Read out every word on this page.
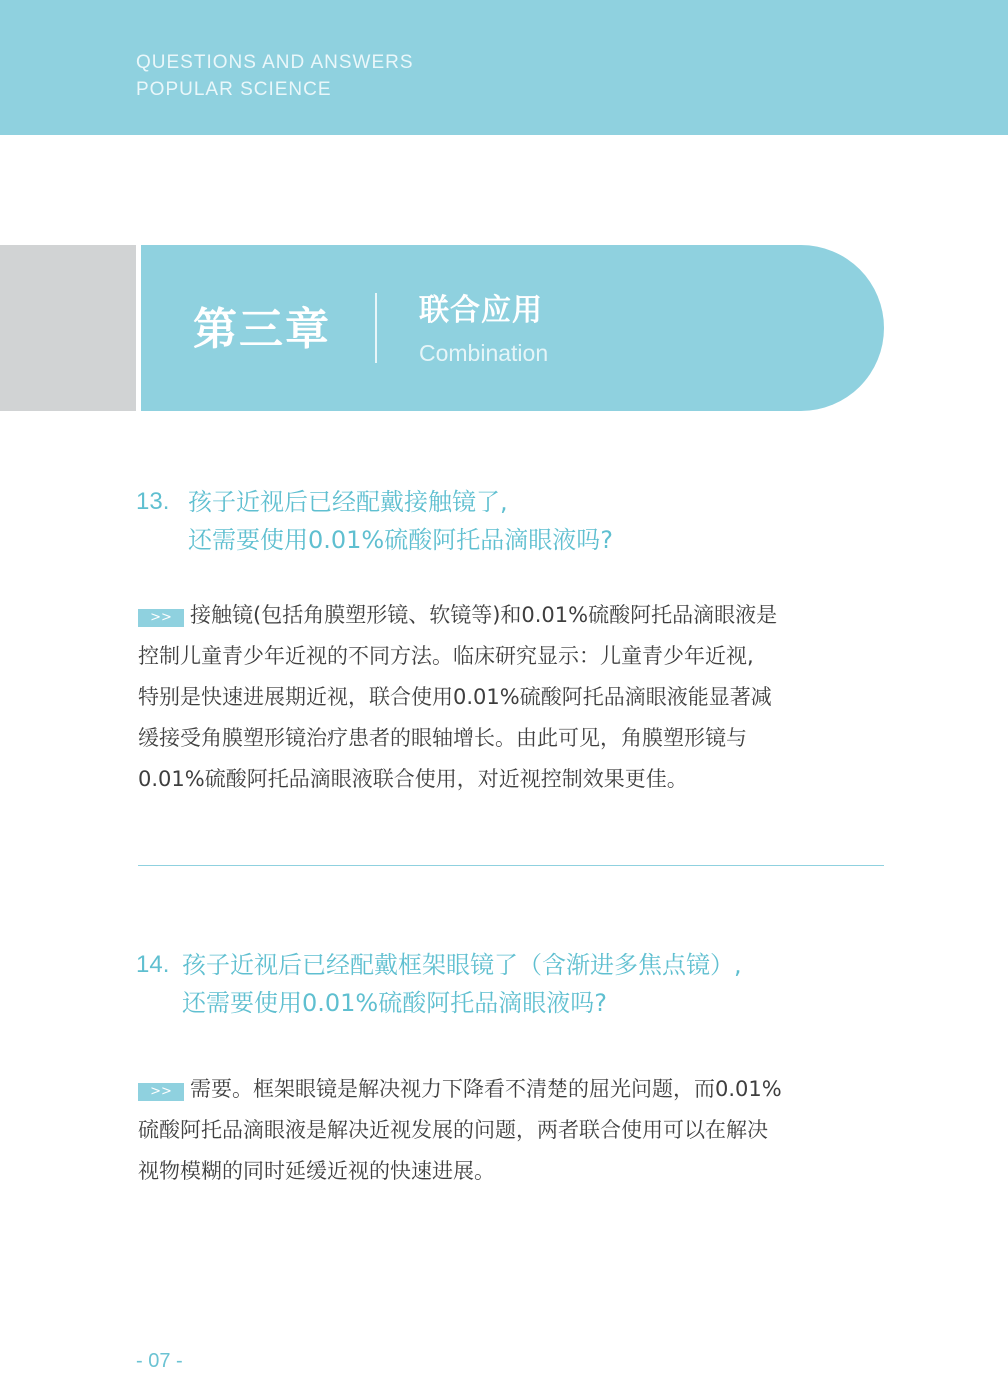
QUESTIONS AND ANSWERS
POPULAR SCIENCE
第三章	联合应用
Combination
13. 孩子近视后已经配戴接触镜了,
还需要使用0.01%硫酸阿托品滴眼液吗?
>> 接触镜(包括角膜塑形镜、软镜等)和0.01%硫酸阿托品滴眼液是
控制儿童青少年近视的不同方法。临床研究显示：儿童青少年近视,
特别是快速进展期近视，联合使用0.01%硫酸阿托品滴眼液能显著减
缓接受角膜塑形镜治疗患者的眼轴增长。由此可见，角膜塑形镜与
0.01%硫酸阿托品滴眼液联合使用，对近视控制效果更佳。
14. 孩子近视后已经配戴框架眼镜了（含渐进多焦点镜）,
还需要使用0.01%硫酸阿托品滴眼液吗?
>> 需要。框架眼镜是解决视力下降看不清楚的屈光问题，而0.01%
硫酸阿托品滴眼液是解决近视发展的问题，两者联合使用可以在解决
视物模糊的同时延缓近视的快速进展。
- 07 -
